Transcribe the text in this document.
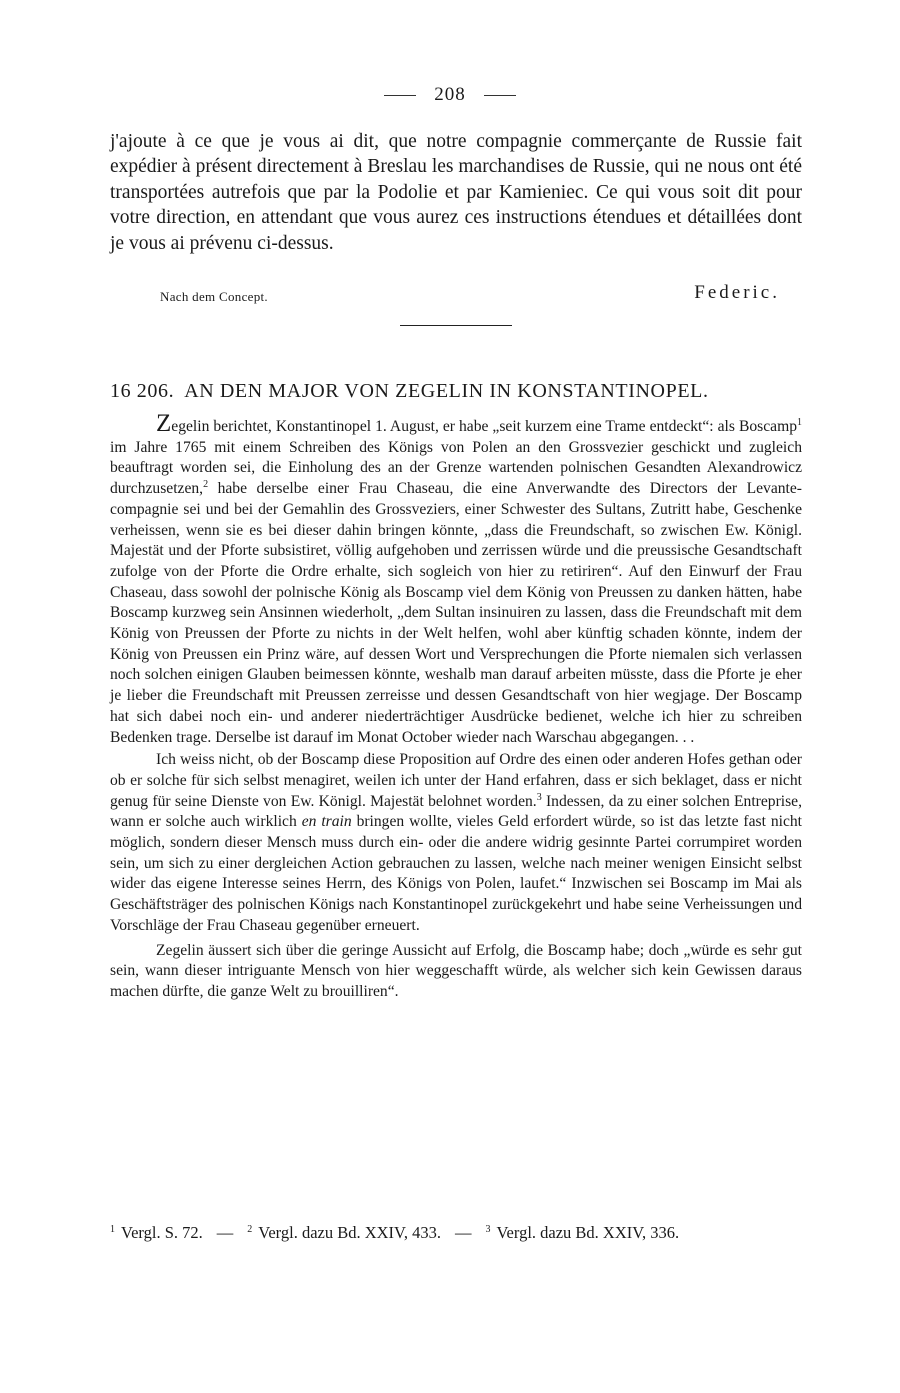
208

j'ajoute à ce que je vous ai dit, que notre compagnie commerçante de Russie fait expédier à présent directement à Breslau les marchandises de Russie, qui ne nous ont été transportées autrefois que par la Podolie et par Kamieniec. Ce qui vous soit dit pour votre direction, en attendant que vous aurez ces instructions étendues et détaillées dont je vous ai prévenu ci-dessus.

Nach dem Concept.	Federic.
16 206. AN DEN MAJOR VON ZEGELIN IN KONSTANTINOPEL.

Zegelin berichtet, Konstantinopel 1. August, er habe „seit kurzem eine Trame entdeckt“: als Boscamp$^1$ im Jahre 1765 mit einem Schreiben des Königs von Polen an den Grossvezier geschickt und zugleich beauftragt worden sei, die Einholung des an der Grenze wartenden polnischen Gesandten Alexandrowicz durchzusetzen,$^2$ habe derselbe einer Frau Chaseau, die eine Anverwandte des Directors der Levante-compagnie sei und bei der Gemahlin des Grossveziers, einer Schwester des Sultans, Zutritt habe, Geschenke verheissen, wenn sie es bei dieser dahin bringen könnte, „dass die Freundschaft, so zwischen Ew. Königl. Majestät und der Pforte subsistiret, völlig aufgehoben und zerrissen würde und die preussische Gesandtschaft zufolge von der Pforte die Ordre erhalte, sich sogleich von hier zu retiriren“. Auf den Einwurf der Frau Chaseau, dass sowohl der polnische König als Boscamp viel dem König von Preussen zu danken hätten, habe Boscamp kurzweg sein Ansinnen wiederholt, „dem Sultan insinuiren zu lassen, dass die Freundschaft mit dem König von Preussen der Pforte zu nichts in der Welt helfen, wohl aber künftig schaden könnte, indem der König von Preussen ein Prinz wäre, auf dessen Wort und Versprechungen die Pforte niemalen sich verlassen noch solchen einigen Glauben beimessen könnte, weshalb man darauf arbeiten müsste, dass die Pforte je eher je lieber die Freundschaft mit Preussen zerreisse und dessen Gesandtschaft von hier wegjage. Der Boscamp hat sich dabei noch ein- und anderer niederträchtiger Ausdrücke bedienet, welche ich hier zu schreiben Bedenken trage. Derselbe ist darauf im Monat October wieder nach Warschau abgegangen. . .

Ich weiss nicht, ob der Boscamp diese Proposition auf Ordre des einen oder anderen Hofes gethan oder ob er solche für sich selbst menagiret, weilen ich unter der Hand erfahren, dass er sich beklaget, dass er nicht genug für seine Dienste von Ew. Königl. Majestät belohnet worden.$^3$ Indessen, da zu einer solchen Entreprise, wann er solche auch wirklich en train bringen wollte, vieles Geld erfordert würde, so ist das letzte fast nicht möglich, sondern dieser Mensch muss durch ein- oder die andere widrig gesinnte Partei corrumpiret worden sein, um sich zu einer dergleichen Action gebrauchen zu lassen, welche nach meiner wenigen Einsicht selbst wider das eigene Interesse seines Herrn, des Königs von Polen, laufet.“ Inzwischen sei Boscamp im Mai als Geschäftsträger des polnischen Königs nach Konstantinopel zurückgekehrt und habe seine Verheissungen und Vorschläge der Frau Chaseau gegenüber erneuert.

Zegelin äussert sich über die geringe Aussicht auf Erfolg, die Boscamp habe; doch „würde es sehr gut sein, wann dieser intriguante Mensch von hier weggeschafft würde, als welcher sich kein Gewissen daraus machen dürfte, die ganze Welt zu brouilliren“.

$^1$ Vergl. S. 72. — $^2$ Vergl. dazu Bd. XXIV, 433. — $^3$ Vergl. dazu Bd. XXIV, 336.
